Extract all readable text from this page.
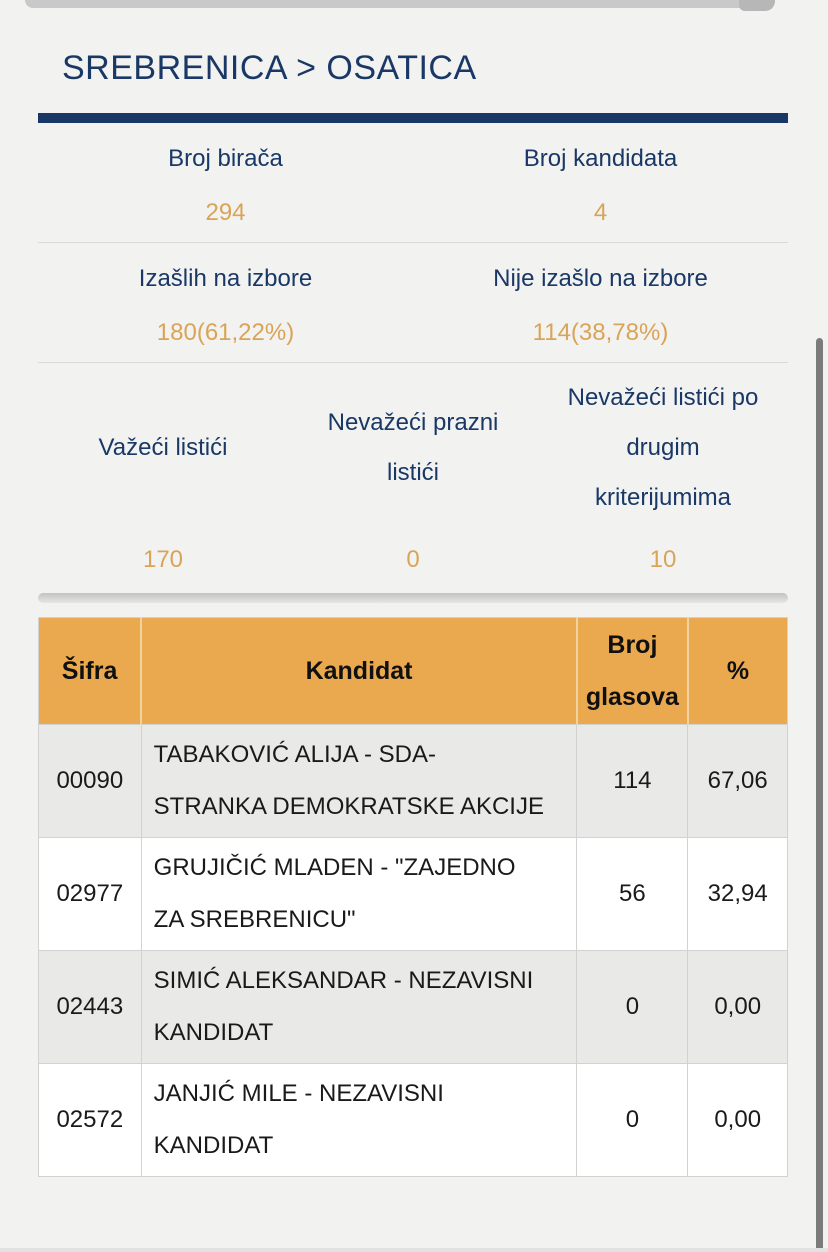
SREBRENICA > OSATICA
Broj birača
294
Broj kandidata
4
Izašlih na izbore
180(61,22%)
Nije izašlo na izbore
114(38,78%)
Važeći listići
170
Nevažeći prazni
listići
0
Nevažeći listići po
drugim
kriterijumima
10
Šifra	Kandidat	Broj glasova	%
00090	TABAKOVIĆ ALIJA - SDA-
STRANKA DEMOKRATSKE AKCIJE	114	67,06
02977	GRUJIČIĆ MLADEN - "ZAJEDNO
ZA SREBRENICU"	56	32,94
02443	SIMIĆ ALEKSANDAR - NEZAVISNI
KANDIDAT	0	0,00
02572	JANJIĆ MILE - NEZAVISNI
KANDIDAT	0	0,00
